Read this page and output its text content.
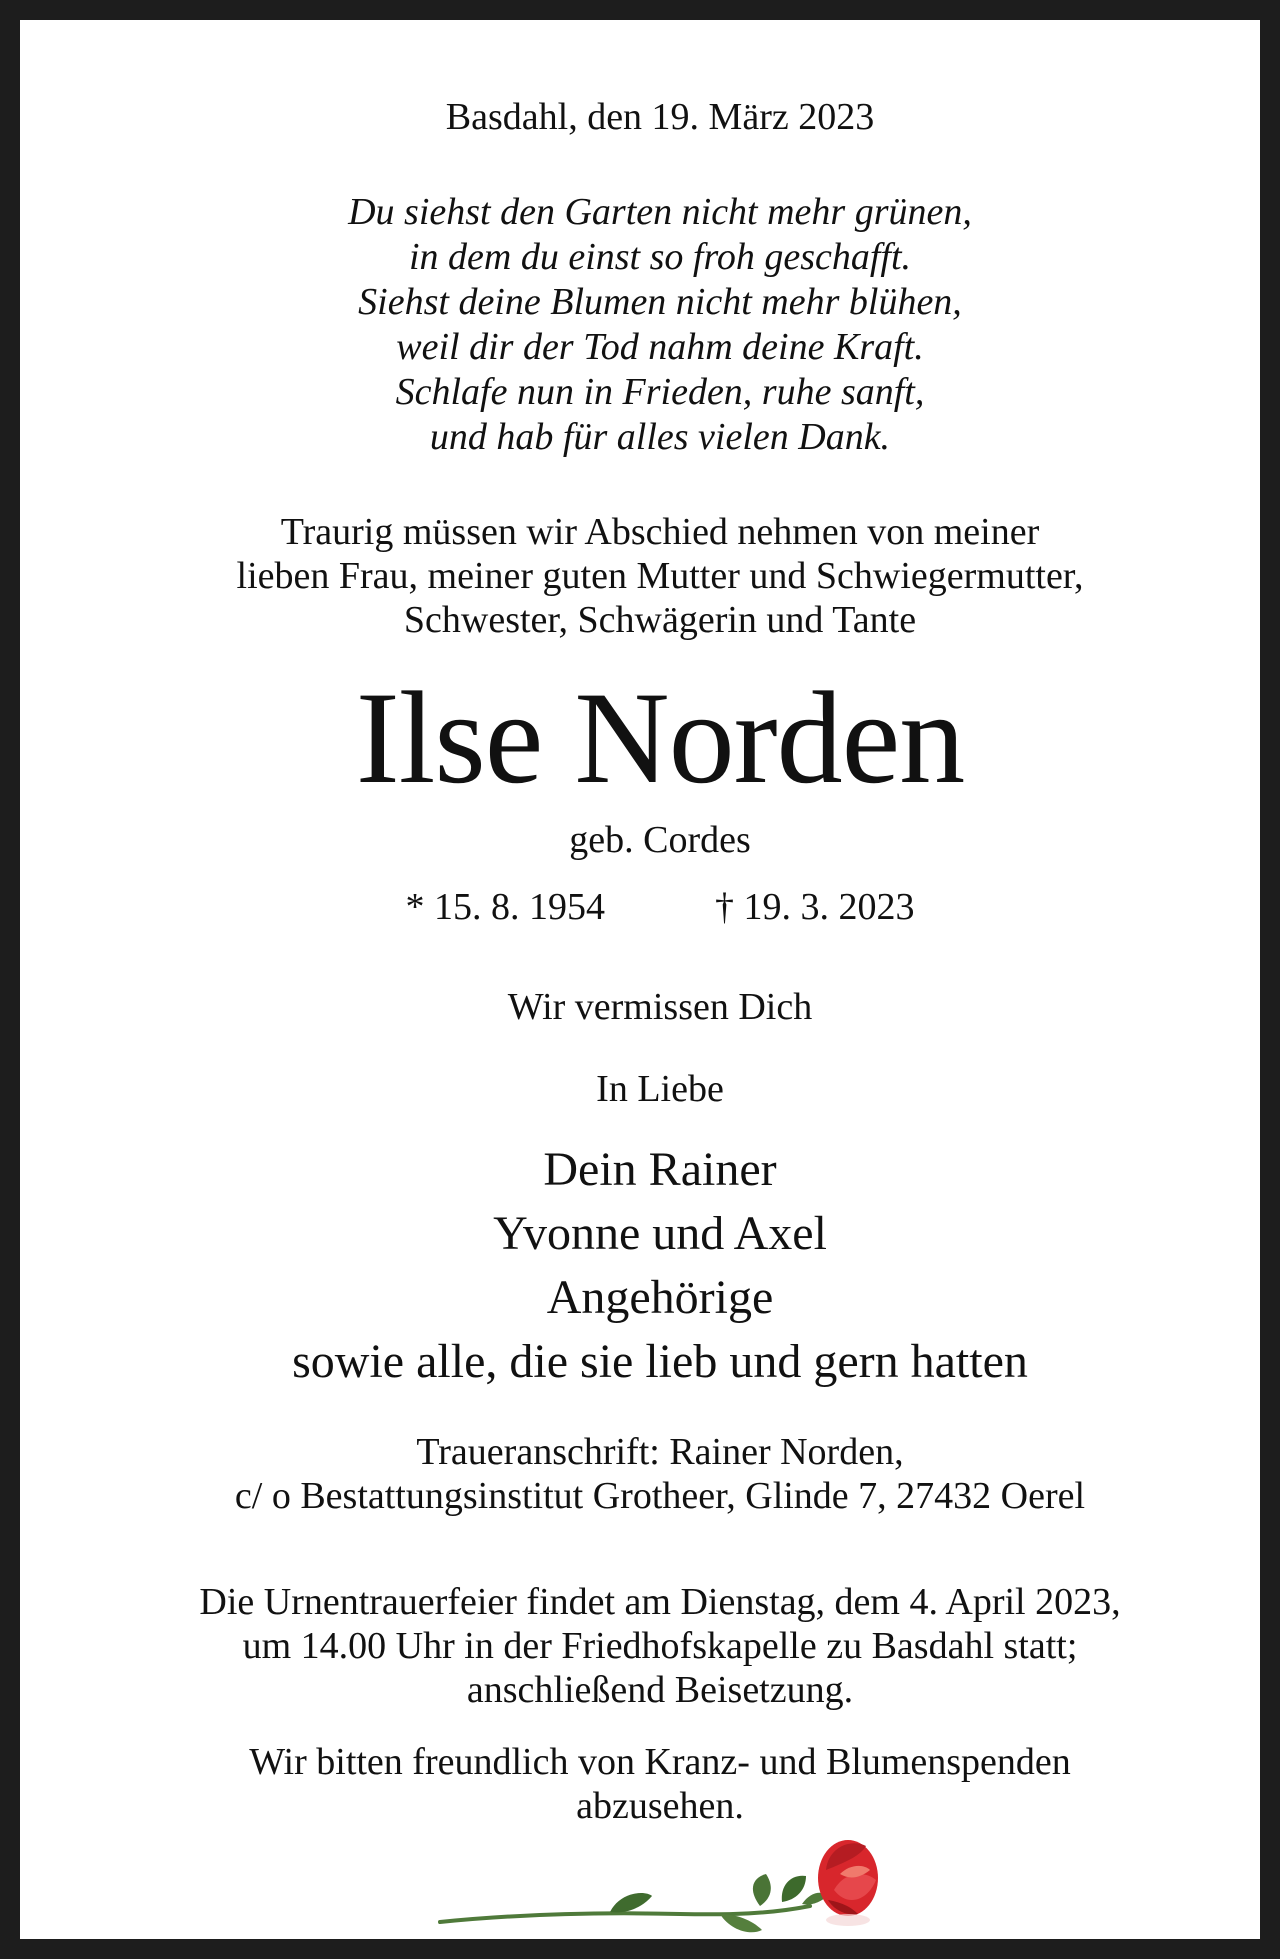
Basdahl, den 19. März 2023
Du siehst den Garten nicht mehr grünen,
in dem du einst so froh geschafft.
Siehst deine Blumen nicht mehr blühen,
weil dir der Tod nahm deine Kraft.
Schlafe nun in Frieden, ruhe sanft,
und hab für alles vielen Dank.
Traurig müssen wir Abschied nehmen von meiner
lieben Frau, meiner guten Mutter und Schwiegermutter,
Schwester, Schwägerin und Tante
Ilse Norden
geb. Cordes
* 15. 8. 1954	† 19. 3. 2023
Wir vermissen Dich
In Liebe
Dein Rainer
Yvonne und Axel
Angehörige
sowie alle, die sie lieb und gern hatten
Traueranschrift: Rainer Norden,
c/ o Bestattungsinstitut Grotheer, Glinde 7, 27432 Oerel
Die Urnentrauerfeier findet am Dienstag, dem 4. April 2023,
um 14.00 Uhr in der Friedhofskapelle zu Basdahl statt;
anschließend Beisetzung.
Wir bitten freundlich von Kranz- und Blumenspenden
abzusehen.
